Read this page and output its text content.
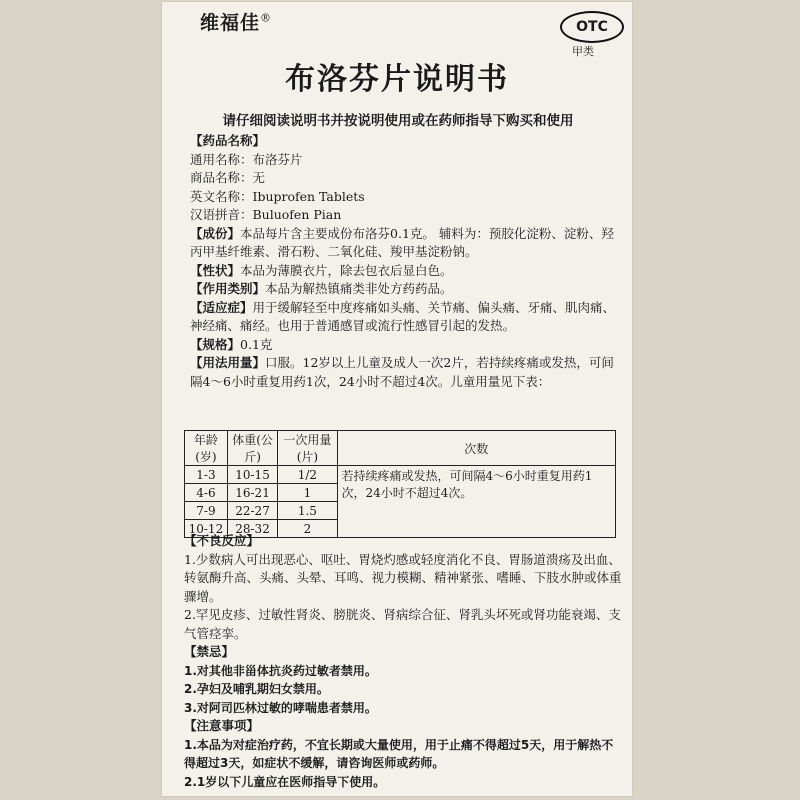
维福佳®
OTC
甲类
布洛芬片说明书
请仔细阅读说明书并按说明使用或在药师指导下购买和使用
【药品名称】
通用名称：布洛芬片
商品名称：无
英文名称：Ibuprofen Tablets
汉语拼音：Buluofen Pian

【成份】本品每片含主要成份布洛芬0.1克。 辅料为：预胶化淀粉、淀粉、羟丙甲基纤维素、滑石粉、二氧化硅、羧甲基淀粉钠。

【性状】本品为薄膜衣片，除去包衣后显白色。

【作用类别】本品为解热镇痛类非处方药药品。

【适应症】用于缓解轻至中度疼痛如头痛、关节痛、偏头痛、牙痛、肌肉痛、神经痛、痛经。也用于普通感冒或流行性感冒引起的发热。

【规格】0.1克

【用法用量】口服。12岁以上儿童及成人一次2片，若持续疼痛或发热，可间隔4～6小时重复用药1次，24小时不超过4次。儿童用量见下表：

年龄(岁)	体重(公斤)	一次用量(片)	次数
1-3	10-15	1/2	若持续疼痛或发热，可间隔4～6小时重复用药1次，24小时不超过4次。
4-6	16-21	1	
7-9	22-27	1.5	
10-12	28-32	2	

【不良反应】

1.少数病人可出现恶心、呕吐、胃烧灼感或轻度消化不良、胃肠道溃疡及出血、转氨酶升高、头痛、头晕、耳鸣、视力模糊、精神紧张、嗜睡、下肢水肿或体重骤增。

2.罕见皮疹、过敏性肾炎、膀胱炎、肾病综合征、肾乳头坏死或肾功能衰竭、支气管痉挛。

【禁忌】

1.对其他非甾体抗炎药过敏者禁用。

2.孕妇及哺乳期妇女禁用。

3.对阿司匹林过敏的哮喘患者禁用。

【注意事项】

1.本品为对症治疗药，不宜长期或大量使用，用于止痛不得超过5天，用于解热不得超过3天，如症状不缓解，请咨询医师或药师。

2.1岁以下儿童应在医师指导下使用。
